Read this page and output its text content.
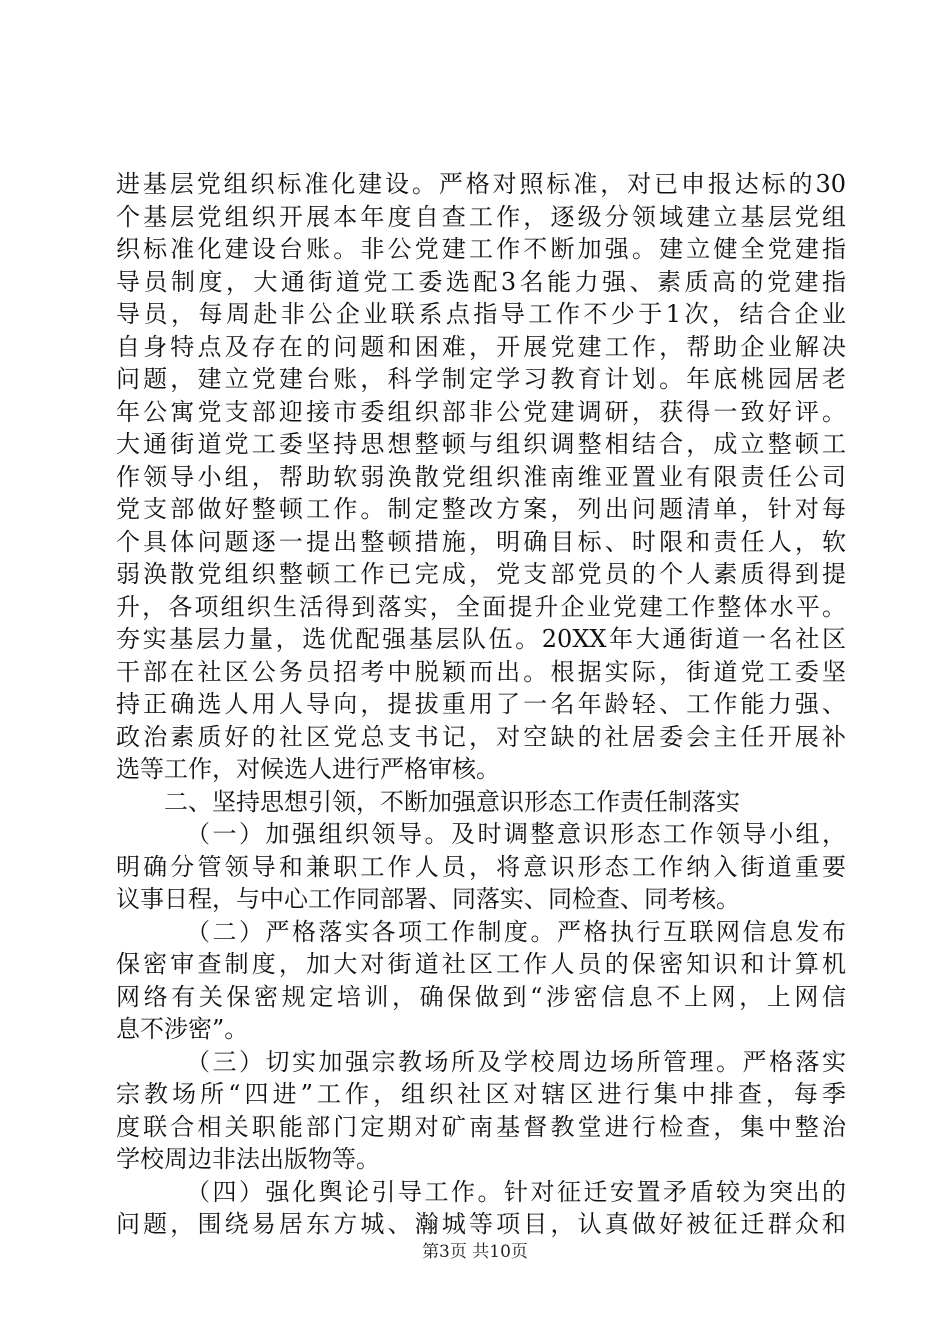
进基层党组织标准化建设。严格对照标准，对已申报达标的30
个基层党组织开展本年度自查工作，逐级分领域建立基层党组
织标准化建设台账。非公党建工作不断加强。建立健全党建指
导员制度，大通街道党工委选配3名能力强、素质高的党建指
导员，每周赴非公企业联系点指导工作不少于1次，结合企业
自身特点及存在的问题和困难，开展党建工作，帮助企业解决
问题，建立党建台账，科学制定学习教育计划。年底桃园居老
年公寓党支部迎接市委组织部非公党建调研，获得一致好评。
大通街道党工委坚持思想整顿与组织调整相结合，成立整顿工
作领导小组，帮助软弱涣散党组织淮南维亚置业有限责任公司
党支部做好整顿工作。制定整改方案，列出问题清单，针对每
个具体问题逐一提出整顿措施，明确目标、时限和责任人，软
弱涣散党组织整顿工作已完成，党支部党员的个人素质得到提
升，各项组织生活得到落实，全面提升企业党建工作整体水平。
夯实基层力量，选优配强基层队伍。20XX年大通街道一名社区
干部在社区公务员招考中脱颖而出。根据实际，街道党工委坚
持正确选人用人导向，提拔重用了一名年龄轻、工作能力强、
政治素质好的社区党总支书记，对空缺的社居委会主任开展补
选等工作，对候选人进行严格审核。
二、坚持思想引领，不断加强意识形态工作责任制落实
（一）加强组织领导。及时调整意识形态工作领导小组，
明确分管领导和兼职工作人员，将意识形态工作纳入街道重要
议事日程，与中心工作同部署、同落实、同检查、同考核。
（二）严格落实各项工作制度。严格执行互联网信息发布
保密审查制度，加大对街道社区工作人员的保密知识和计算机
网络有关保密规定培训，确保做到“涉密信息不上网，上网信
息不涉密”。
（三）切实加强宗教场所及学校周边场所管理。严格落实
宗教场所“四进”工作，组织社区对辖区进行集中排查，每季
度联合相关职能部门定期对矿南基督教堂进行检查，集中整治
学校周边非法出版物等。
（四）强化舆论引导工作。针对征迁安置矛盾较为突出的
问题，围绕易居东方城、瀚城等项目，认真做好被征迁群众和
第3页 共10页
